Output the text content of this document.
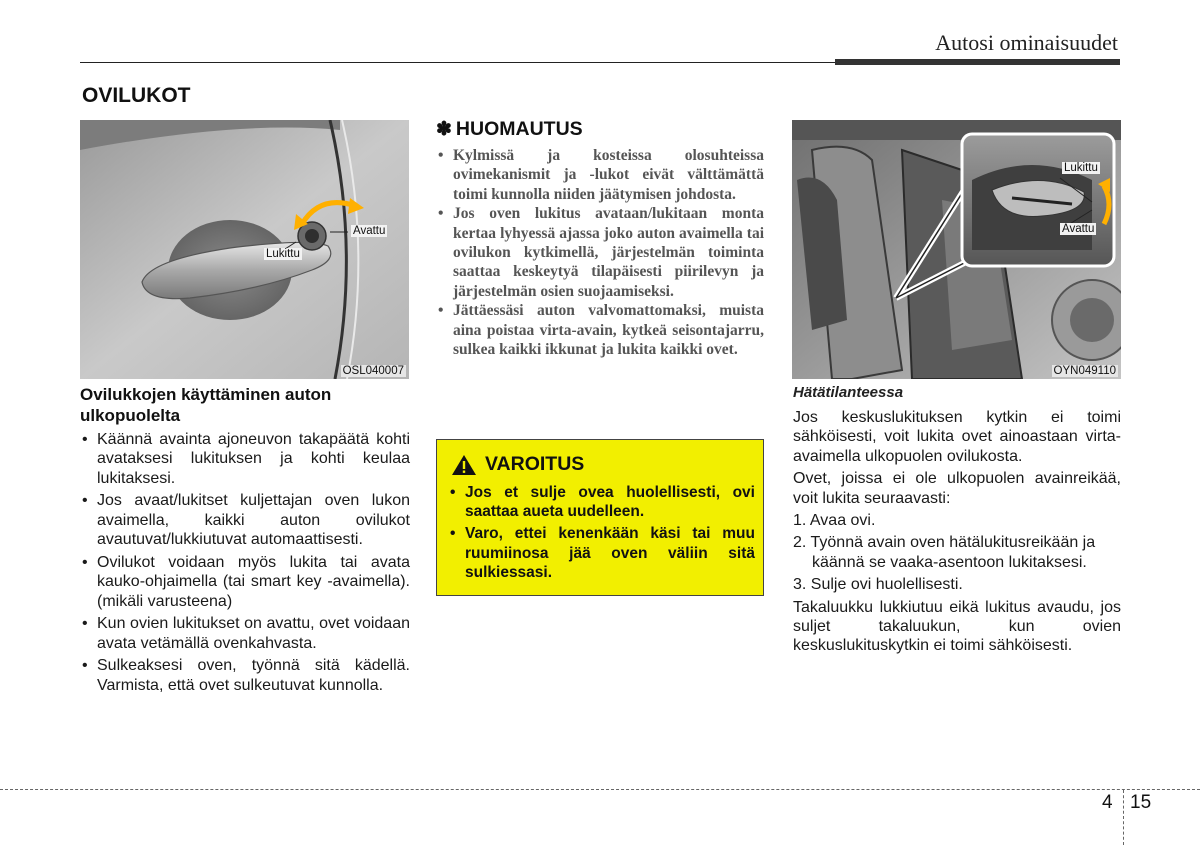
Autosi ominaisuudet
OVILUKOT
Avattu
Lukittu
OSL040007
Ovilukkojen käyttäminen auton ulkopuolelta
• Käännä avainta ajoneuvon takapäätä kohti avataksesi lukituksen ja kohti keulaa lukitaksesi.
• Jos avaat/lukitset kuljettajan oven lukon avaimella, kaikki auton ovilukot avautuvat/lukkiutuvat automaattisesti.
• Ovilukot voidaan myös lukita tai avata kauko-ohjaimella (tai smart key -avaimella). (mikäli varusteena)
• Kun ovien lukitukset on avattu, ovet voidaan avata vetämällä ovenkahvasta.
• Sulkeaksesi oven, työnnä sitä kädellä. Varmista, että ovet sulkeutuvat kunnolla.
✽ HUOMAUTUS
• Kylmissä ja kosteissa olosuhteissa ovimekanismit ja -lukot eivät välttämättä toimi kunnolla niiden jäätymisen johdosta.
• Jos oven lukitus avataan/lukitaan monta kertaa lyhyessä ajassa joko auton avaimella tai ovilukon kytkimellä, järjestelmän toiminta saattaa keskeytyä tilapäisesti piirilevyn ja järjestelmän osien suojaamiseksi.
• Jättäessäsi auton valvomattomaksi, muista aina poistaa virta-avain, kytkeä seisontajarru, sulkea kaikki ikkunat ja lukita kaikki ovet.
VAROITUS
• Jos et sulje ovea huolellisesti, ovi saattaa aueta uudelleen.
• Varo, ettei kenenkään käsi tai muu ruumiinosa jää oven väliin sitä sulkiessasi.
Lukittu
Avattu
OYN049110
Hätätilanteessa

Jos keskuslukituksen kytkin ei toimi sähköisesti, voit lukita ovet ainoastaan virta-avaimella ulkopuolen ovilukosta.

Ovet, joissa ei ole ulkopuolen avainreikää, voit lukita seuraavasti:

1. Avaa ovi.

2. Työnnä avain oven hätälukitusreikään ja käännä se vaaka-asentoon lukitaksesi.

3. Sulje ovi huolellisesti.

Takaluukku lukkiutuu eikä lukitus avaudu, jos suljet takaluukun, kun ovien keskuslukituskytkin ei toimi sähköisesti.

4 15
